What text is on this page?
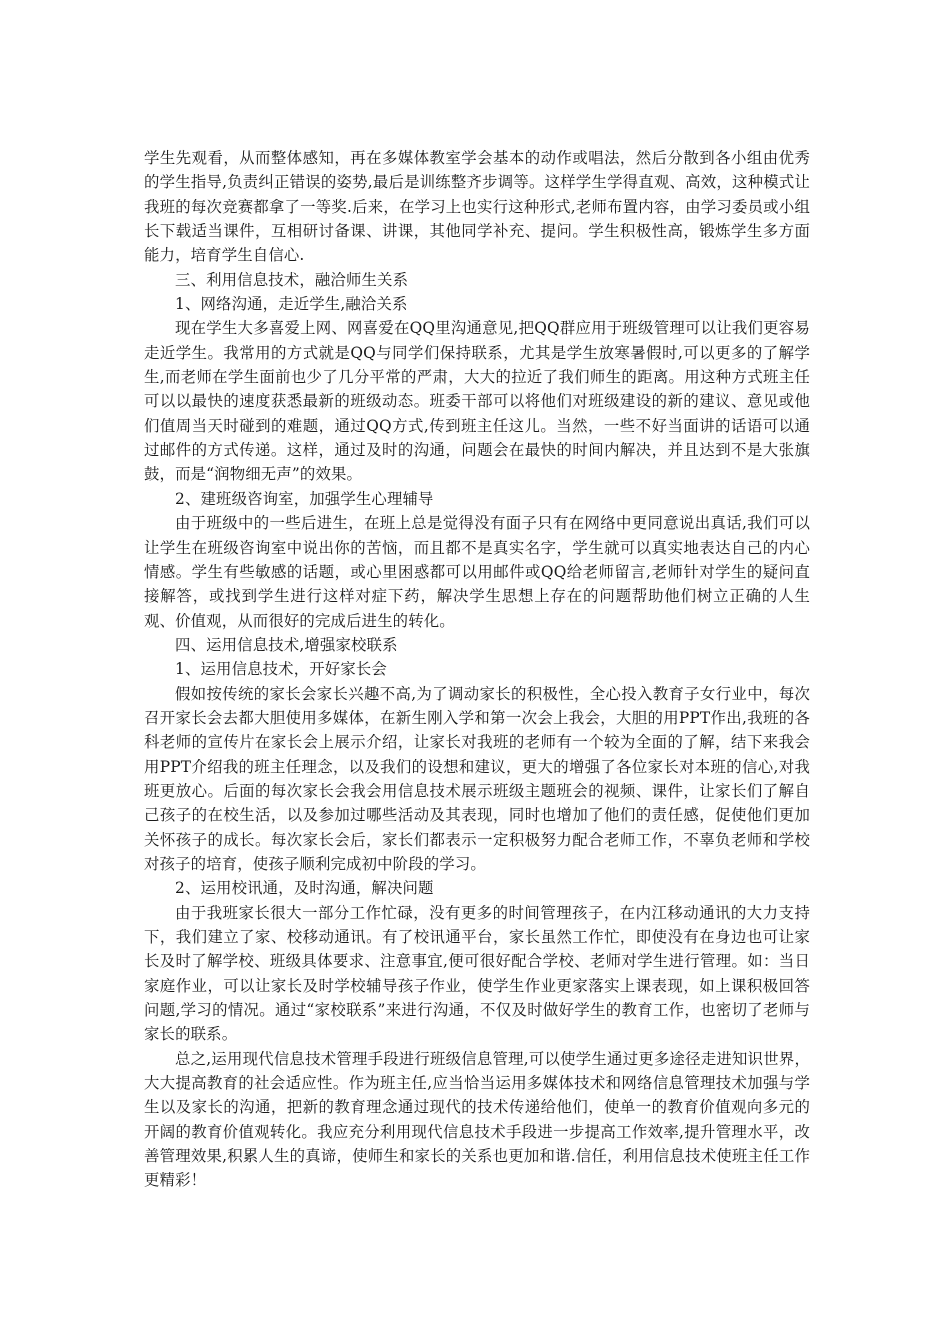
学生先观看，从而整体感知，再在多媒体教室学会基本的动作或唱法，然后分散到各小组由优秀的学生指导,负责纠正错误的姿势,最后是训练整齐步调等。这样学生学得直观、高效，这种模式让我班的每次竞赛都拿了一等奖.后来，在学习上也实行这种形式,老师布置内容，由学习委员或小组长下载适当课件，互相研讨备课、讲课，其他同学补充、提问。学生积极性高，锻炼学生多方面能力，培育学生自信心.

三、利用信息技术，融洽师生关系

1、网络沟通，走近学生,融洽关系

现在学生大多喜爱上网、网喜爱在QQ里沟通意见,把QQ群应用于班级管理可以让我们更容易走近学生。我常用的方式就是QQ与同学们保持联系，尤其是学生放寒暑假时,可以更多的了解学生,而老师在学生面前也少了几分平常的严肃，大大的拉近了我们师生的距离。用这种方式班主任可以以最快的速度获悉最新的班级动态。班委干部可以将他们对班级建设的新的建议、意见或他们值周当天时碰到的难题，通过QQ方式,传到班主任这儿。当然，一些不好当面讲的话语可以通过邮件的方式传递。这样，通过及时的沟通，问题会在最快的时间内解决，并且达到不是大张旗鼓，而是“润物细无声”的效果。

2、建班级咨询室，加强学生心理辅导

由于班级中的一些后进生，在班上总是觉得没有面子只有在网络中更同意说出真话,我们可以让学生在班级咨询室中说出你的苦恼，而且都不是真实名字，学生就可以真实地表达自己的内心情感。学生有些敏感的话题，或心里困惑都可以用邮件或QQ给老师留言,老师针对学生的疑问直接解答，或找到学生进行这样对症下药，解决学生思想上存在的问题帮助他们树立正确的人生观、价值观，从而很好的完成后进生的转化。

四、运用信息技术,增强家校联系

1、运用信息技术，开好家长会

假如按传统的家长会家长兴趣不高,为了调动家长的积极性，全心投入教育子女行业中，每次召开家长会去都大胆使用多媒体，在新生刚入学和第一次会上我会，大胆的用PPT作出,我班的各科老师的宣传片在家长会上展示介绍，让家长对我班的老师有一个较为全面的了解，结下来我会用PPT介绍我的班主任理念，以及我们的设想和建议，更大的增强了各位家长对本班的信心,对我班更放心。后面的每次家长会我会用信息技术展示班级主题班会的视频、课件，让家长们了解自己孩子的在校生活，以及参加过哪些活动及其表现，同时也增加了他们的责任感，促使他们更加关怀孩子的成长。每次家长会后，家长们都表示一定积极努力配合老师工作，不辜负老师和学校对孩子的培育，使孩子顺利完成初中阶段的学习。

2、运用校讯通，及时沟通，解决问题

由于我班家长很大一部分工作忙碌，没有更多的时间管理孩子，在内江移动通讯的大力支持下，我们建立了家、校移动通讯。有了校讯通平台，家长虽然工作忙，即使没有在身边也可让家长及时了解学校、班级具体要求、注意事宜,便可很好配合学校、老师对学生进行管理。如：当日家庭作业，可以让家长及时学校辅导孩子作业，使学生作业更家落实上课表现，如上课积极回答问题,学习的情况。通过“家校联系”来进行沟通，不仅及时做好学生的教育工作，也密切了老师与家长的联系。

总之,运用现代信息技术管理手段进行班级信息管理,可以使学生通过更多途径走进知识世界，大大提高教育的社会适应性。作为班主任,应当恰当运用多媒体技术和网络信息管理技术加强与学生以及家长的沟通，把新的教育理念通过现代的技术传递给他们，使单一的教育价值观向多元的开阔的教育价值观转化。我应充分利用现代信息技术手段进一步提高工作效率,提升管理水平，改善管理效果,积累人生的真谛，使师生和家长的关系也更加和谐.信任，利用信息技术使班主任工作更精彩！
